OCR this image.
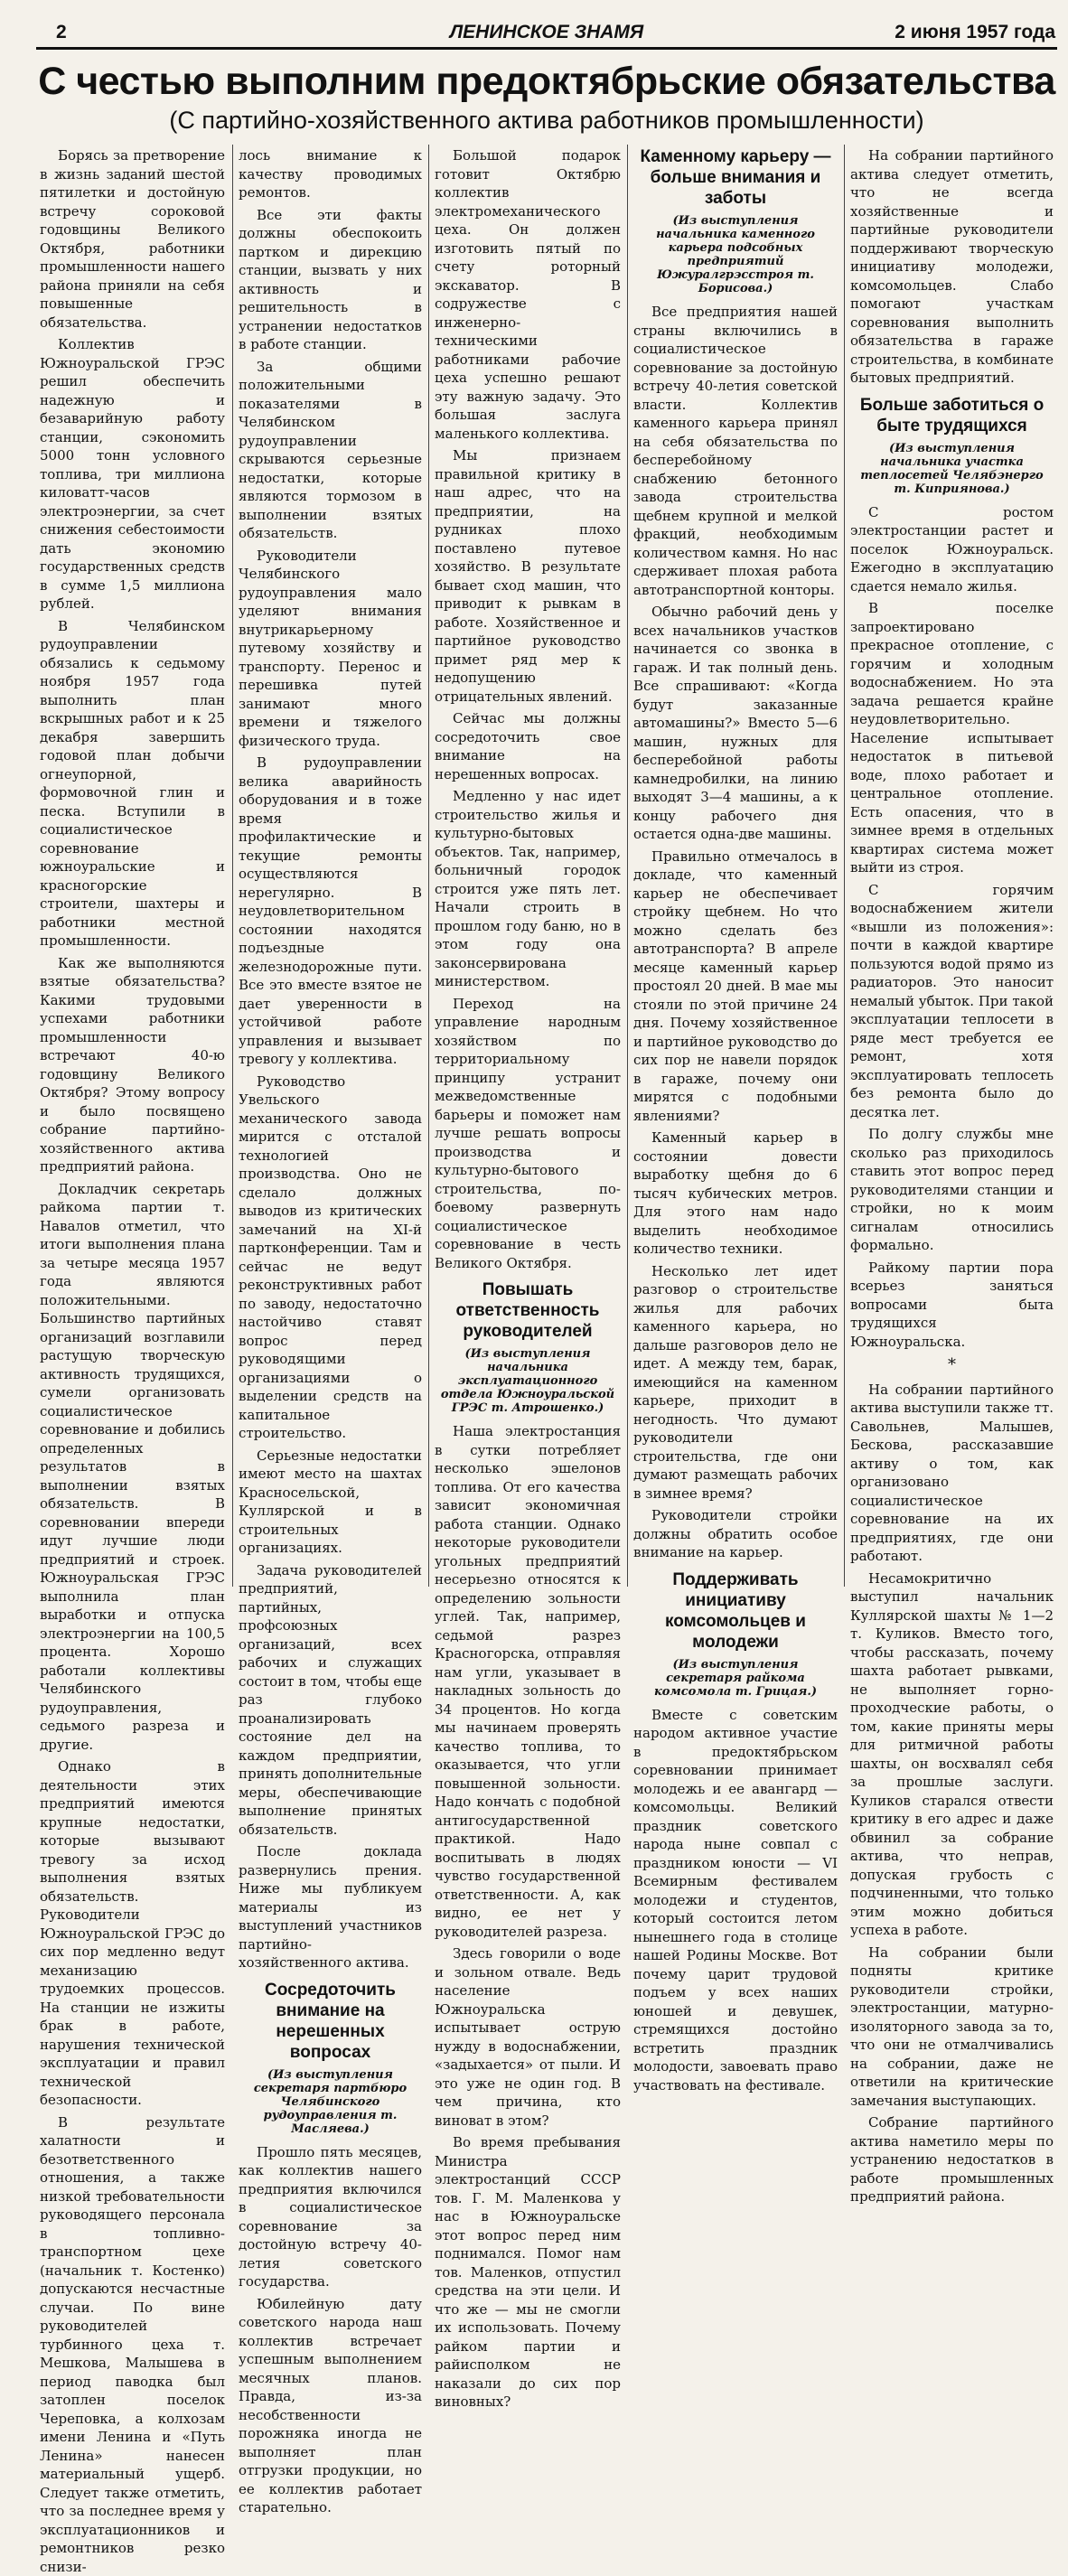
2	ЛЕНИНСКОЕ ЗНАМЯ	2 июня 1957 года
С честью выполним предоктябрьские обязательства
(С партийно-хозяйственного актива работников промышленности)

Борясь за претворение в жизнь заданий шестой пятилетки и достойную встречу сороковой годовщины Великого Октября, работники промышленности нашего района приняли на себя повышенные обязательства.

Коллектив Южноуральской ГРЭС решил обеспечить надежную и безаварийную работу станции, сэкономить 5000 тонн условного топлива, три миллиона киловатт-часов электроэнергии, за счет снижения себестоимости дать экономию государственных средств в сумме 1,5 миллиона рублей.

В Челябинском рудоуправлении обязались к седьмому ноября 1957 года выполнить план вскрышных работ и к 25 декабря завершить годовой план добычи огнеупорной, формовочной глин и песка. Вступили в социалистическое соревнование южноуральские и красногорские строители, шахтеры и работники местной промышленности.

Как же выполняются взятые обязательства? Какими трудовыми успехами работники промышленности встречают 40-ю годовщину Великого Октября? Этому вопросу и было посвящено собрание партийно-хозяйственного актива предприятий района.

Докладчик секретарь райкома партии т. Навалов отметил, что итоги выполнения плана за четыре месяца 1957 года являются положительными. Большинство партийных организаций возглавили растущую творческую активность трудящихся, сумели организовать социалистическое соревнование и добились определенных результатов в выполнении взятых обязательств. В соревновании впереди идут лучшие люди предприятий и строек. Южноуральская ГРЭС выполнила план выработки и отпуска электроэнергии на 100,5 процента. Хорошо работали коллективы Челябинского рудоуправления, седьмого разреза и другие.

Однако в деятельности этих предприятий имеются крупные недостатки, которые вызывают тревогу за исход выполнения взятых обязательств. Руководители Южноуральской ГРЭС до сих пор медленно ведут механизацию трудоемких процессов. На станции не изжиты брак в работе, нарушения технической эксплуатации и правил технической безопасности.

В результате халатности и безответственного отношения, а также низкой требовательности руководящего персонала в топливно-транспортном цехе (начальник т. Костенко) допускаются несчастные случаи. По вине руководителей турбинного цеха т. Мешкова, Малышева в период паводка был затоплен поселок Череповка, а колхозам имени Ленина и «Путь Ленина» нанесен материальный ущерб. Следует также отметить, что за последнее время у эксплуатационников и ремонтников резко снизи-

лось внимание к качеству проводимых ремонтов.

Все эти факты должны обеспокоить партком и дирекцию станции, вызвать у них активность и решительность в устранении недостатков в работе станции.

За общими положительными показателями в Челябинском рудоуправлении скрываются серьезные недостатки, которые являются тормозом в выполнении взятых обязательств.

Руководители Челябинского рудоуправления мало уделяют внимания внутрикарьерному путевому хозяйству и транспорту. Перенос и перешивка путей занимают много времени и тяжелого физического труда.

В рудоуправлении велика аварийность оборудования и в тоже время профилактические и текущие ремонты осуществляются нерегулярно. В неудовлетворительном состоянии находятся подъездные железнодорожные пути. Все это вместе взятое не дает уверенности в устойчивой работе управления и вызывает тревогу у коллектива.

Руководство Увельского механического завода мирится с отсталой технологией производства. Оно не сделало должных выводов из критических замечаний на XI-й партконференции. Там и сейчас не ведут реконструктивных работ по заводу, недостаточно настойчиво ставят вопрос перед руководящими организациями о выделении средств на капитальное строительство.

Серьезные недостатки имеют место на шахтах Красносельской, Куллярской и в строительных организациях.

Задача руководителей предприятий, партийных, профсоюзных организаций, всех рабочих и служащих состоит в том, чтобы еще раз глубоко проанализировать состояние дел на каждом предприятии, принять дополнительные меры, обеспечивающие выполнение принятых обязательств.

После доклада развернулись прения. Ниже мы публикуем материалы из выступлений участников партийно-хозяйственного актива.

Сосредоточить внимание на нерешенных вопросах
(Из выступления секретаря партбюро Челябинского рудоуправления т. Масляева.)

Прошло пять месяцев, как коллектив нашего предприятия включился в социалистическое соревнование за достойную встречу 40-летия советского государства.

Юбилейную дату советского народа наш коллектив встречает успешным выполнением месячных планов. Правда, из-за несобственности порожняка иногда не выполняет план отгрузки продукции, но ее коллектив работает старательно.

Большой подарок готовит Октябрю коллектив электромеханического цеха. Он должен изготовить пятый по счету роторный экскаватор. В содружестве с инженерно-техническими работниками рабочие цеха успешно решают эту важную задачу. Это большая заслуга маленького коллектива.

Мы признаем правильной критику в наш адрес, что на предприятии, на рудниках плохо поставлено путевое хозяйство. В результате бывает сход машин, что приводит к рывкам в работе. Хозяйственное и партийное руководство примет ряд мер к недопущению отрицательных явлений.

Сейчас мы должны сосредоточить свое внимание на нерешенных вопросах.

Медленно у нас идет строительство жилья и культурно-бытовых объектов. Так, например, больничный городок строится уже пять лет. Начали строить в прошлом году баню, но в этом году она законсервирована министерством.

Переход на управление народным хозяйством по территориальному принципу устранит межведомственные барьеры и поможет нам лучше решать вопросы производства и культурно-бытового строительства, по-боевому развернуть социалистическое соревнование в честь Великого Октября.

Повышать ответственность руководителей
(Из выступления начальника эксплуатационного отдела Южноуральской ГРЭС т. Атрошенко.)

Наша электростанция в сутки потребляет несколько эшелонов топлива. От его качества зависит экономичная работа станции. Однако некоторые руководители угольных предприятий несерьезно относятся к определению зольности углей. Так, например, седьмой разрез Красногорска, отправляя нам угли, указывает в накладных зольность до 34 процентов. Но когда мы начинаем проверять качество топлива, то оказывается, что угли повышенной зольности. Надо кончать с подобной антигосударственной практикой. Надо воспитывать в людях чувство государственной ответственности. А, как видно, ее нет у руководителей разреза.

Здесь говорили о воде и зольном отвале. Ведь население Южноуральска испытывает острую нужду в водоснабжении, «задыхается» от пыли. И это уже не один год. В чем причина, кто виноват в этом?

Во время пребывания Министра электростанций СССР тов. Г. М. Маленкова у нас в Южноуральске этот вопрос перед ним поднимался. Помог нам тов. Маленков, отпустил средства на эти цели. И что же — мы не смогли их использовать. Почему райком партии и райисполком не наказали до сих пор виновных?

Каменному карьеру — больше внимания и заботы
(Из выступления начальника каменного карьера подсобных предприятий Южуралгрэсстроя т. Борисова.)

Все предприятия нашей страны включились в социалистическое соревнование за достойную встречу 40-летия советской власти. Коллектив каменного карьера принял на себя обязательства по бесперебойному снабжению бетонного завода строительства щебнем крупной и мелкой фракций, необходимым количеством камня. Но нас сдерживает плохая работа автотранспортной конторы.

Обычно рабочий день у всех начальников участков начинается со звонка в гараж. И так полный день. Все спрашивают: «Когда будут заказанные автомашины?» Вместо 5—6 машин, нужных для бесперебойной работы камнедробилки, на линию выходят 3—4 машины, а к концу рабочего дня остается одна-две машины.

Правильно отмечалось в докладе, что каменный карьер не обеспечивает стройку щебнем. Но что можно сделать без автотранспорта? В апреле месяце каменный карьер простоял 20 дней. В мае мы стояли по этой причине 24 дня. Почему хозяйственное и партийное руководство до сих пор не навели порядок в гараже, почему они мирятся с подобными явлениями?

Каменный карьер в состоянии довести выработку щебня до 6 тысяч кубических метров. Для этого нам надо выделить необходимое количество техники.

Несколько лет идет разговор о строительстве жилья для рабочих каменного карьера, но дальше разговоров дело не идет. А между тем, барак, имеющийся на каменном карьере, приходит в негодность. Что думают руководители строительства, где они думают размещать рабочих в зимнее время?

Руководители стройки должны обратить особое внимание на карьер.

Поддерживать инициативу комсомольцев и молодежи
(Из выступления секретаря райкома комсомола т. Грицая.)

Вместе с советским народом активное участие в предоктябрьском соревновании принимает молодежь и ее авангард — комсомольцы. Великий праздник советского народа ныне совпал с праздником юности — VI Всемирным фестивалем молодежи и студентов, который состоится летом нынешнего года в столице нашей Родины Москве. Вот почему царит трудовой подъем у всех наших юношей и девушек, стремящихся достойно встретить праздник молодости, завоевать право участвовать на фестивале.

На собрании партийного актива следует отметить, что не всегда хозяйственные и партийные руководители поддерживают творческую инициативу молодежи, комсомольцев. Слабо помогают участкам соревнования выполнить обязательства в гараже строительства, в комбинате бытовых предприятий.

Больше заботиться о быте трудящихся
(Из выступления начальника участка теплосетей Челябэнерго т. Киприянова.)

С ростом электростанции растет и поселок Южноуральск. Ежегодно в эксплуатацию сдается немало жилья.

В поселке запроектировано прекрасное отопление, с горячим и холодным водоснабжением. Но эта задача решается крайне неудовлетворительно. Население испытывает недостаток в питьевой воде, плохо работает и центральное отопление. Есть опасения, что в зимнее время в отдельных квартирах система может выйти из строя.

С горячим водоснабжением жители «вышли из положения»: почти в каждой квартире пользуются водой прямо из радиаторов. Это наносит немалый убыток. При такой эксплуатации теплосети в ряде мест требуется ее ремонт, хотя эксплуатировать теплосеть без ремонта было до десятка лет.

По долгу службы мне сколько раз приходилось ставить этот вопрос перед руководителями станции и стройки, но к моим сигналам относились формально.

Райкому партии пора всерьез заняться вопросами быта трудящихся Южноуральска.

*

На собрании партийного актива выступили также тт. Савольнев, Малышев, Бескова, рассказавшие активу о том, как организовано социалистическое соревнование на их предприятиях, где они работают.

Несамокритично выступил начальник Куллярской шахты № 1—2 т. Куликов. Вместо того, чтобы рассказать, почему шахта работает рывками, не выполняет горно-проходческие работы, о том, какие приняты меры для ритмичной работы шахты, он восхвалял себя за прошлые заслуги. Куликов старался отвести критику в его адрес и даже обвинил за собрание актива, что неправ, допуская грубость с подчиненными, что только этим можно добиться успеха в работе.

На собрании были подняты критике руководители стройки, электростанции, матурно-изоляторного завода за то, что они не отмалчивались на собрании, даже не ответили на критические замечания выступающих.

Собрание партийного актива наметило меры по устранению недостатков в работе промышленных предприятий района.
